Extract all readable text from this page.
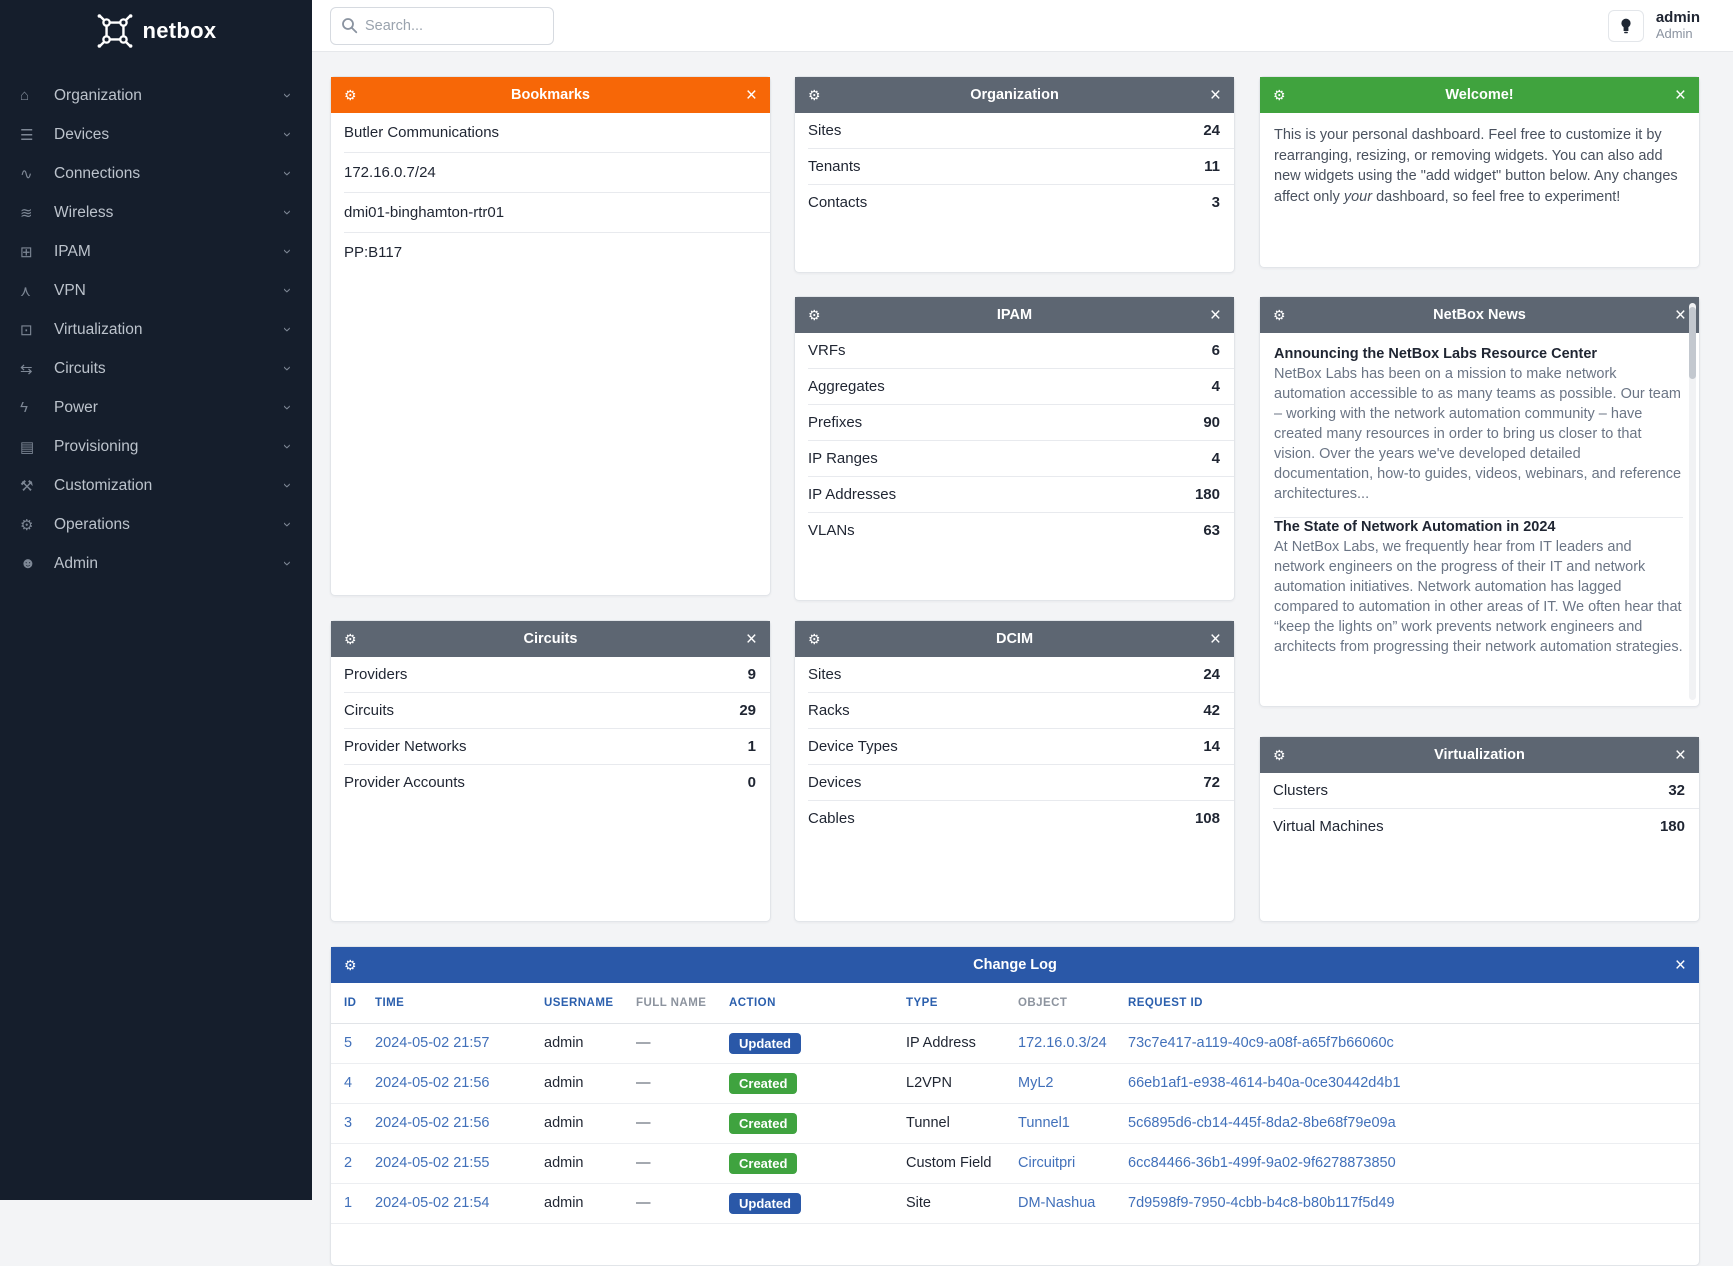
netbox
⌂	Organization	›
☰	Devices	›
∿	Connections	›
≋	Wireless	›
⊞	IPAM	›
⋏	VPN	›
⊡	Virtualization	›
⇆	Circuits	›
ϟ	Power	›
▤	Provisioning	›
⚒	Customization	›
⚙	Operations	›
☻	Admin	›
Search...
admin
Admin
⚙	Bookmarks	×
Butler Communications
172.16.0.7/24
dmi01-binghamton-rtr01
PP:B117
⚙	Organization	×
Sites	24
Tenants	11
Contacts	3
⚙	Welcome!	×

This is your personal dashboard. Feel free to customize it by rearranging, resizing, or removing widgets. You can also add new widgets using the "add widget" button below. Any changes affect only your dashboard, so feel free to experiment!

⚙	IPAM	×
VRFs	6
Aggregates	4
Prefixes	90
IP Ranges	4
IP Addresses	180
VLANs	63
⚙	NetBox News	×
Announcing the NetBox Labs Resource Center
NetBox Labs has been on a mission to make network automation accessible to as many teams as possible. Our team – working with the network automation community – have created many resources in order to bring us closer to that vision. Over the years we've developed detailed documentation, how-to guides, videos, webinars, and reference architectures...
The State of Network Automation in 2024
At NetBox Labs, we frequently hear from IT leaders and network engineers on the progress of their IT and network automation initiatives. Network automation has lagged compared to automation in other areas of IT. We often hear that “keep the lights on” work prevents network engineers and architects from progressing their network automation strategies.
⚙	Circuits	×
Providers	9
Circuits	29
Provider Networks	1
Provider Accounts	0
⚙	DCIM	×
Sites	24
Racks	42
Device Types	14
Devices	72
Cables	108
⚙	Virtualization	×
Clusters	32
Virtual Machines	180
⚙	Change Log	×
ID	TIME	USERNAME	FULL NAME	ACTION	TYPE	OBJECT	REQUEST ID
5	2024-05-02 21:57	admin	—	Updated	IP Address	172.16.0.3/24	73c7e417-a119-40c9-a08f-a65f7b66060c
4	2024-05-02 21:56	admin	—	Created	L2VPN	MyL2	66eb1af1-e938-4614-b40a-0ce30442d4b1
3	2024-05-02 21:56	admin	—	Created	Tunnel	Tunnel1	5c6895d6-cb14-445f-8da2-8be68f79e09a
2	2024-05-02 21:55	admin	—	Created	Custom Field	Circuitpri	6cc84466-36b1-499f-9a02-9f6278873850
1	2024-05-02 21:54	admin	—	Updated	Site	DM-Nashua	7d9598f9-7950-4cbb-b4c8-b80b117f5d49
